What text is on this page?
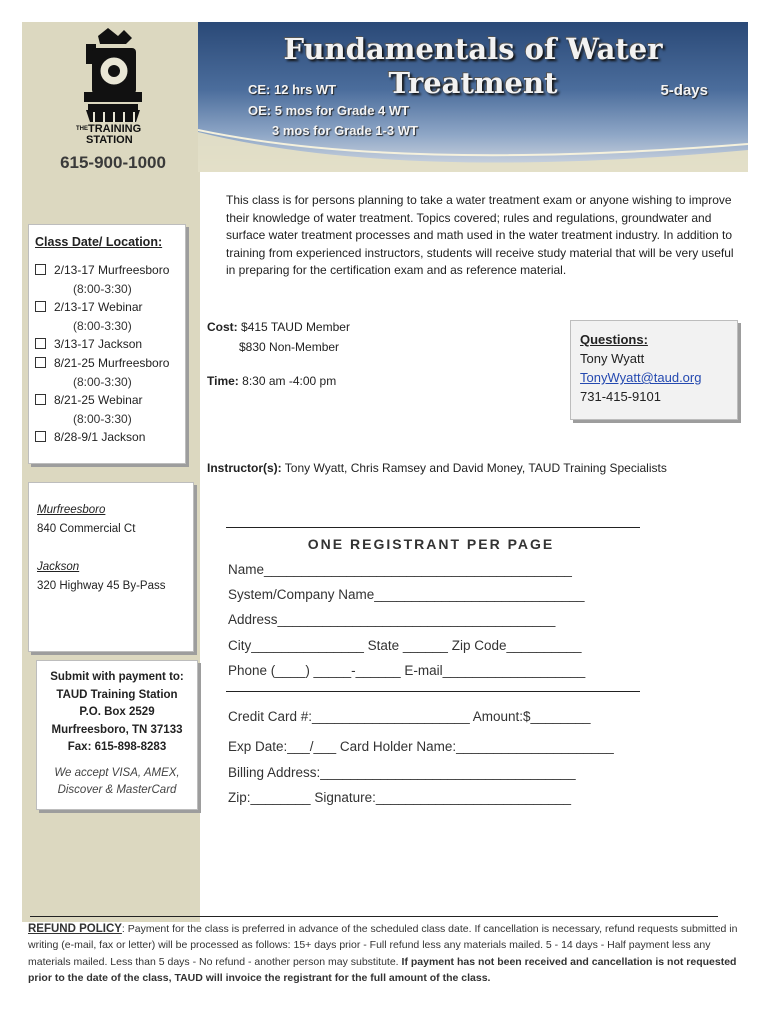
$^{THE}$TRAINING
STATION
615-900-1000
Fundamentals of Water Treatment
CE: 12 hrs WT
OE: 5 mos for Grade 4 WT
3 mos for Grade 1-3 WT
5-days
This class is for persons planning to take a water treatment exam or anyone wishing to improve their knowledge of water treatment. Topics covered; rules and regulations, groundwater and surface water treatment processes and math used in the water treatment industry. In addition to training from experienced instructors, students will receive study material that will be very useful in preparing for the certification exam and as reference material.
Class Date/ Location:
2/13-17 Murfreesboro
(8:00-3:30)
2/13-17 Webinar
(8:00-3:30)
3/13-17 Jackson
8/21-25 Murfreesboro
(8:00-3:30)
8/21-25 Webinar
(8:00-3:30)
8/28-9/1 Jackson
Cost: $415 TAUD Member
$830 Non-Member
Time: 8:30 am -4:00 pm
Questions:
Tony Wyatt
TonyWyatt@taud.org
731-415-9101
Instructor(s): Tony Wyatt, Chris Ramsey and David Money, TAUD Training Specialists
Murfreesboro
840 Commercial Ct
Jackson
320 Highway 45 By-Pass
Submit with payment to:
TAUD Training Station
P.O. Box 2529
Murfreesboro, TN 37133
Fax: 615-898-8283
We accept VISA, AMEX,
Discover & MasterCard
ONE REGISTRANT PER PAGE
Name_________________________________________
System/Company Name____________________________
Address_____________________________________
City_______________ State ______ Zip Code__________
Phone (____) _____-______ E-mail___________________
Credit Card #:_____________________ Amount:$________
Exp Date:___/___ Card Holder Name:_____________________
Billing Address:__________________________________
Zip:________ Signature:__________________________
REFUND POLICY: Payment for the class is preferred in advance of the scheduled class date. If cancellation is necessary, refund requests submitted in writing (e-mail, fax or letter) will be processed as follows: 15+ days prior - Full refund less any materials mailed. 5 - 14 days - Half payment less any materials mailed. Less than 5 days - No refund - another person may substitute. If payment has not been received and cancellation is not requested prior to the date of the class, TAUD will invoice the registrant for the full amount of the class.
